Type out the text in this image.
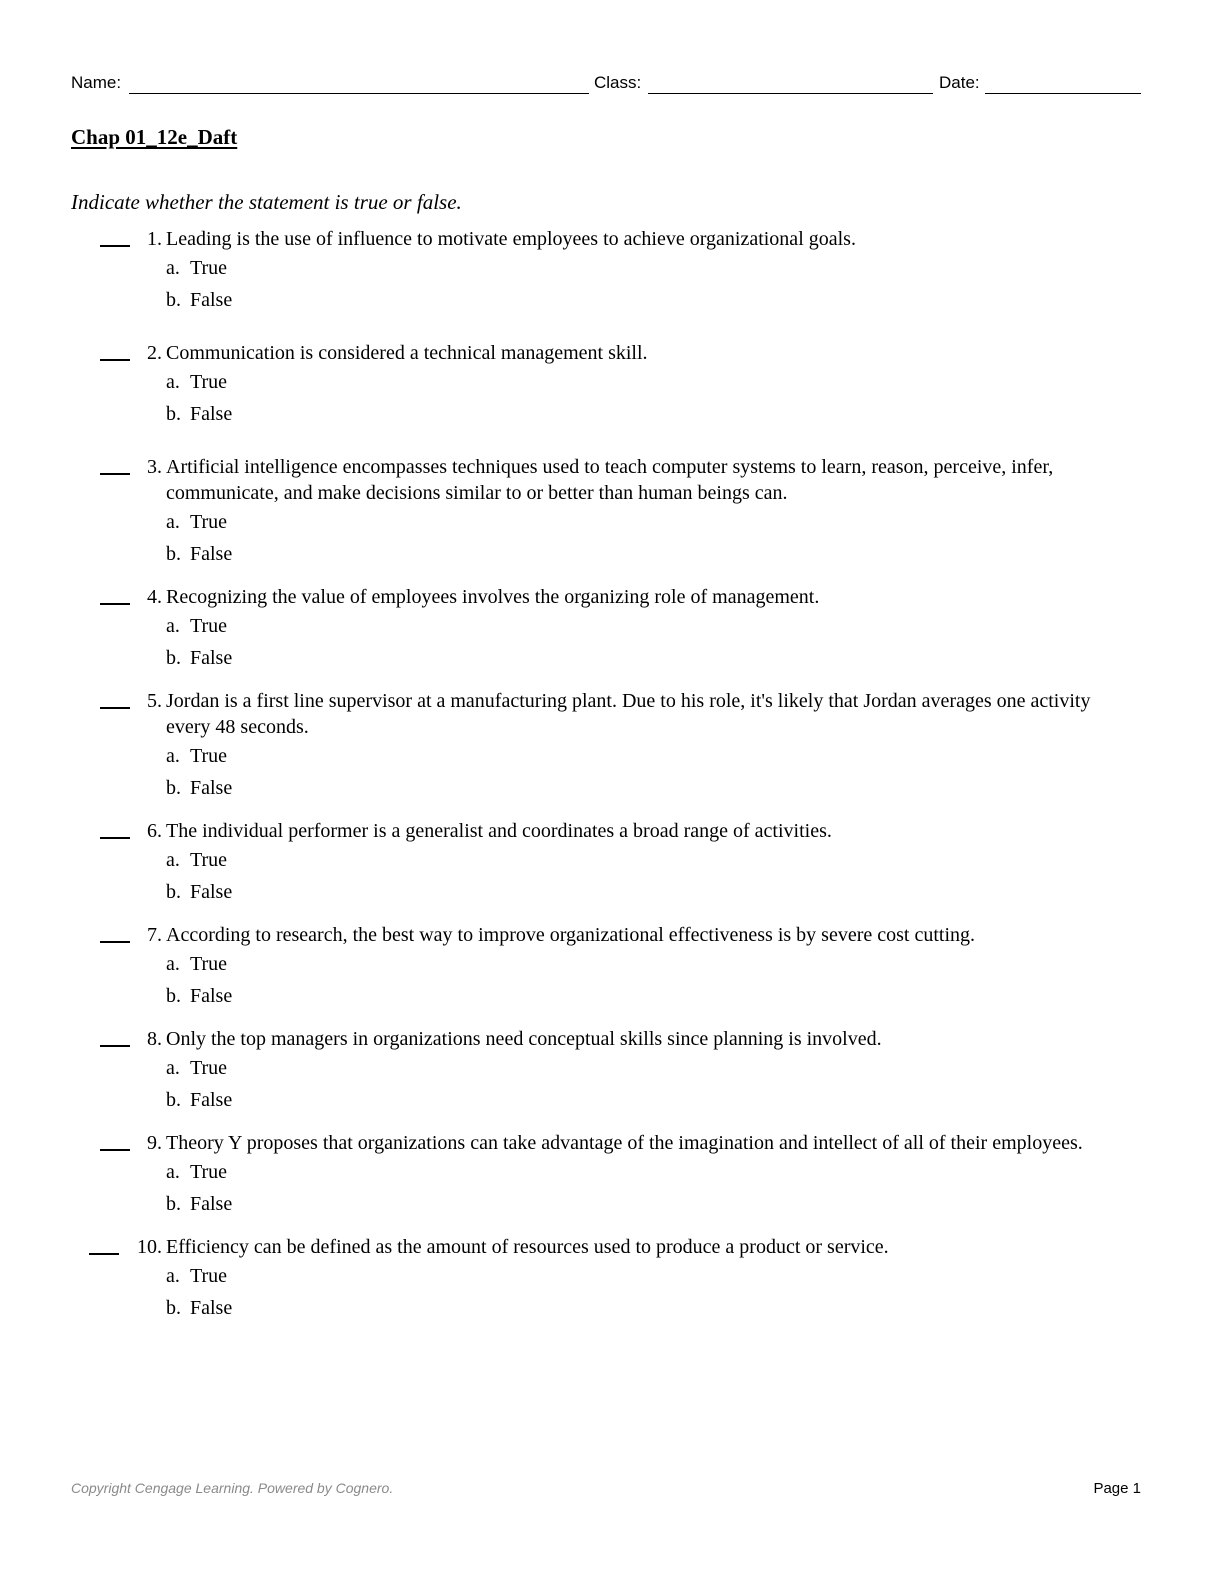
Name:	Class:	Date:
Chap 01_12e_Daft
Indicate whether the statement is true or false.
1. Leading is the use of influence to motivate employees to achieve organizational goals.
a. True
b. False
2. Communication is considered a technical management skill.
a. True
b. False
3. Artificial intelligence encompasses techniques used to teach computer systems to learn, reason, perceive, infer, communicate, and make decisions similar to or better than human beings can.
a. True
b. False
4. Recognizing the value of employees involves the organizing role of management.
a. True
b. False
5. Jordan is a first line supervisor at a manufacturing plant. Due to his role, it's likely that Jordan averages one activity every 48 seconds.
a. True
b. False
6. The individual performer is a generalist and coordinates a broad range of activities.
a. True
b. False
7. According to research, the best way to improve organizational effectiveness is by severe cost cutting.
a. True
b. False
8. Only the top managers in organizations need conceptual skills since planning is involved.
a. True
b. False
9. Theory Y proposes that organizations can take advantage of the imagination and intellect of all of their employees.
a. True
b. False
10. Efficiency can be defined as the amount of resources used to produce a product or service.
a. True
b. False
Copyright Cengage Learning. Powered by Cognero.	Page 1
